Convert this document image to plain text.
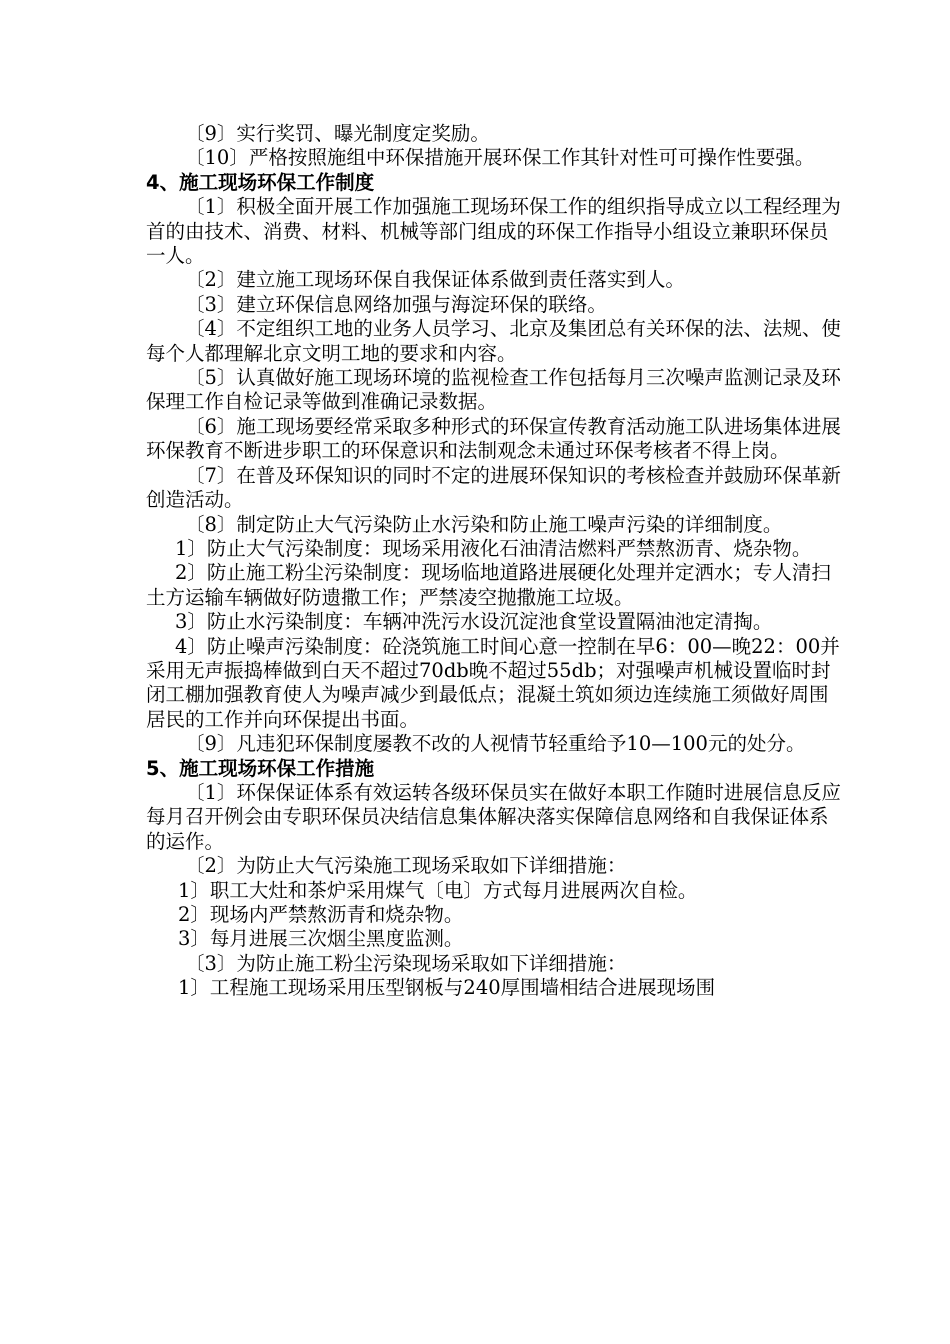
〔9〕实行奖罚、曝光制度定奖励。

〔10〕严格按照施组中环保措施开展环保工作其针对性可可操作性要强。

4、施工现场环保工作制度

〔1〕积极全面开展工作加强施工现场环保工作的组织指导成立以工程经理为首的由技术、消费、材料、机械等部门组成的环保工作指导小组设立兼职环保员一人。

〔2〕建立施工现场环保自我保证体系做到责任落实到人。

〔3〕建立环保信息网络加强与海淀环保的联络。

〔4〕不定组织工地的业务人员学习、北京及集团总有关环保的法、法规、使每个人都理解北京文明工地的要求和内容。

〔5〕认真做好施工现场环境的监视检查工作包括每月三次噪声监测记录及环保理工作自检记录等做到准确记录数据。

〔6〕施工现场要经常采取多种形式的环保宣传教育活动施工队进场集体进展环保教育不断进步职工的环保意识和法制观念未通过环保考核者不得上岗。

〔7〕在普及环保知识的同时不定的进展环保知识的考核检查并鼓励环保革新创造活动。

〔8〕制定防止大气污染防止水污染和防止施工噪声污染的详细制度。

1〕防止大气污染制度：现场采用液化石油清洁燃料严禁熬沥青、烧杂物。

2〕防止施工粉尘污染制度：现场临地道路进展硬化处理并定洒水；专人清扫土方运输车辆做好防遗撒工作；严禁凌空抛撒施工垃圾。

3〕防止水污染制度：车辆冲洗污水设沉淀池食堂设置隔油池定清掏。

4〕防止噪声污染制度：砼浇筑施工时间心意一控制在早6：00—晚22：00并采用无声振捣棒做到白天不超过70db晚不超过55db；对强噪声机械设置临时封闭工棚加强教育使人为噪声减少到最低点；混凝土筑如须边连续施工须做好周围居民的工作并向环保提出书面。

〔9〕凡违犯环保制度屡教不改的人视情节轻重给予10—100元的处分。

5、施工现场环保工作措施

〔1〕环保保证体系有效运转各级环保员实在做好本职工作随时进展信息反应每月召开例会由专职环保员决结信息集体解决落实保障信息网络和自我保证体系的运作。

〔2〕为防止大气污染施工现场采取如下详细措施：

1〕职工大灶和茶炉采用煤气〔电〕方式每月进展两次自检。

2〕现场内严禁熬沥青和烧杂物。

3〕每月进展三次烟尘黑度监测。

〔3〕为防止施工粉尘污染现场采取如下详细措施：

1〕工程施工现场采用压型钢板与240厚围墙相结合进展现场围
